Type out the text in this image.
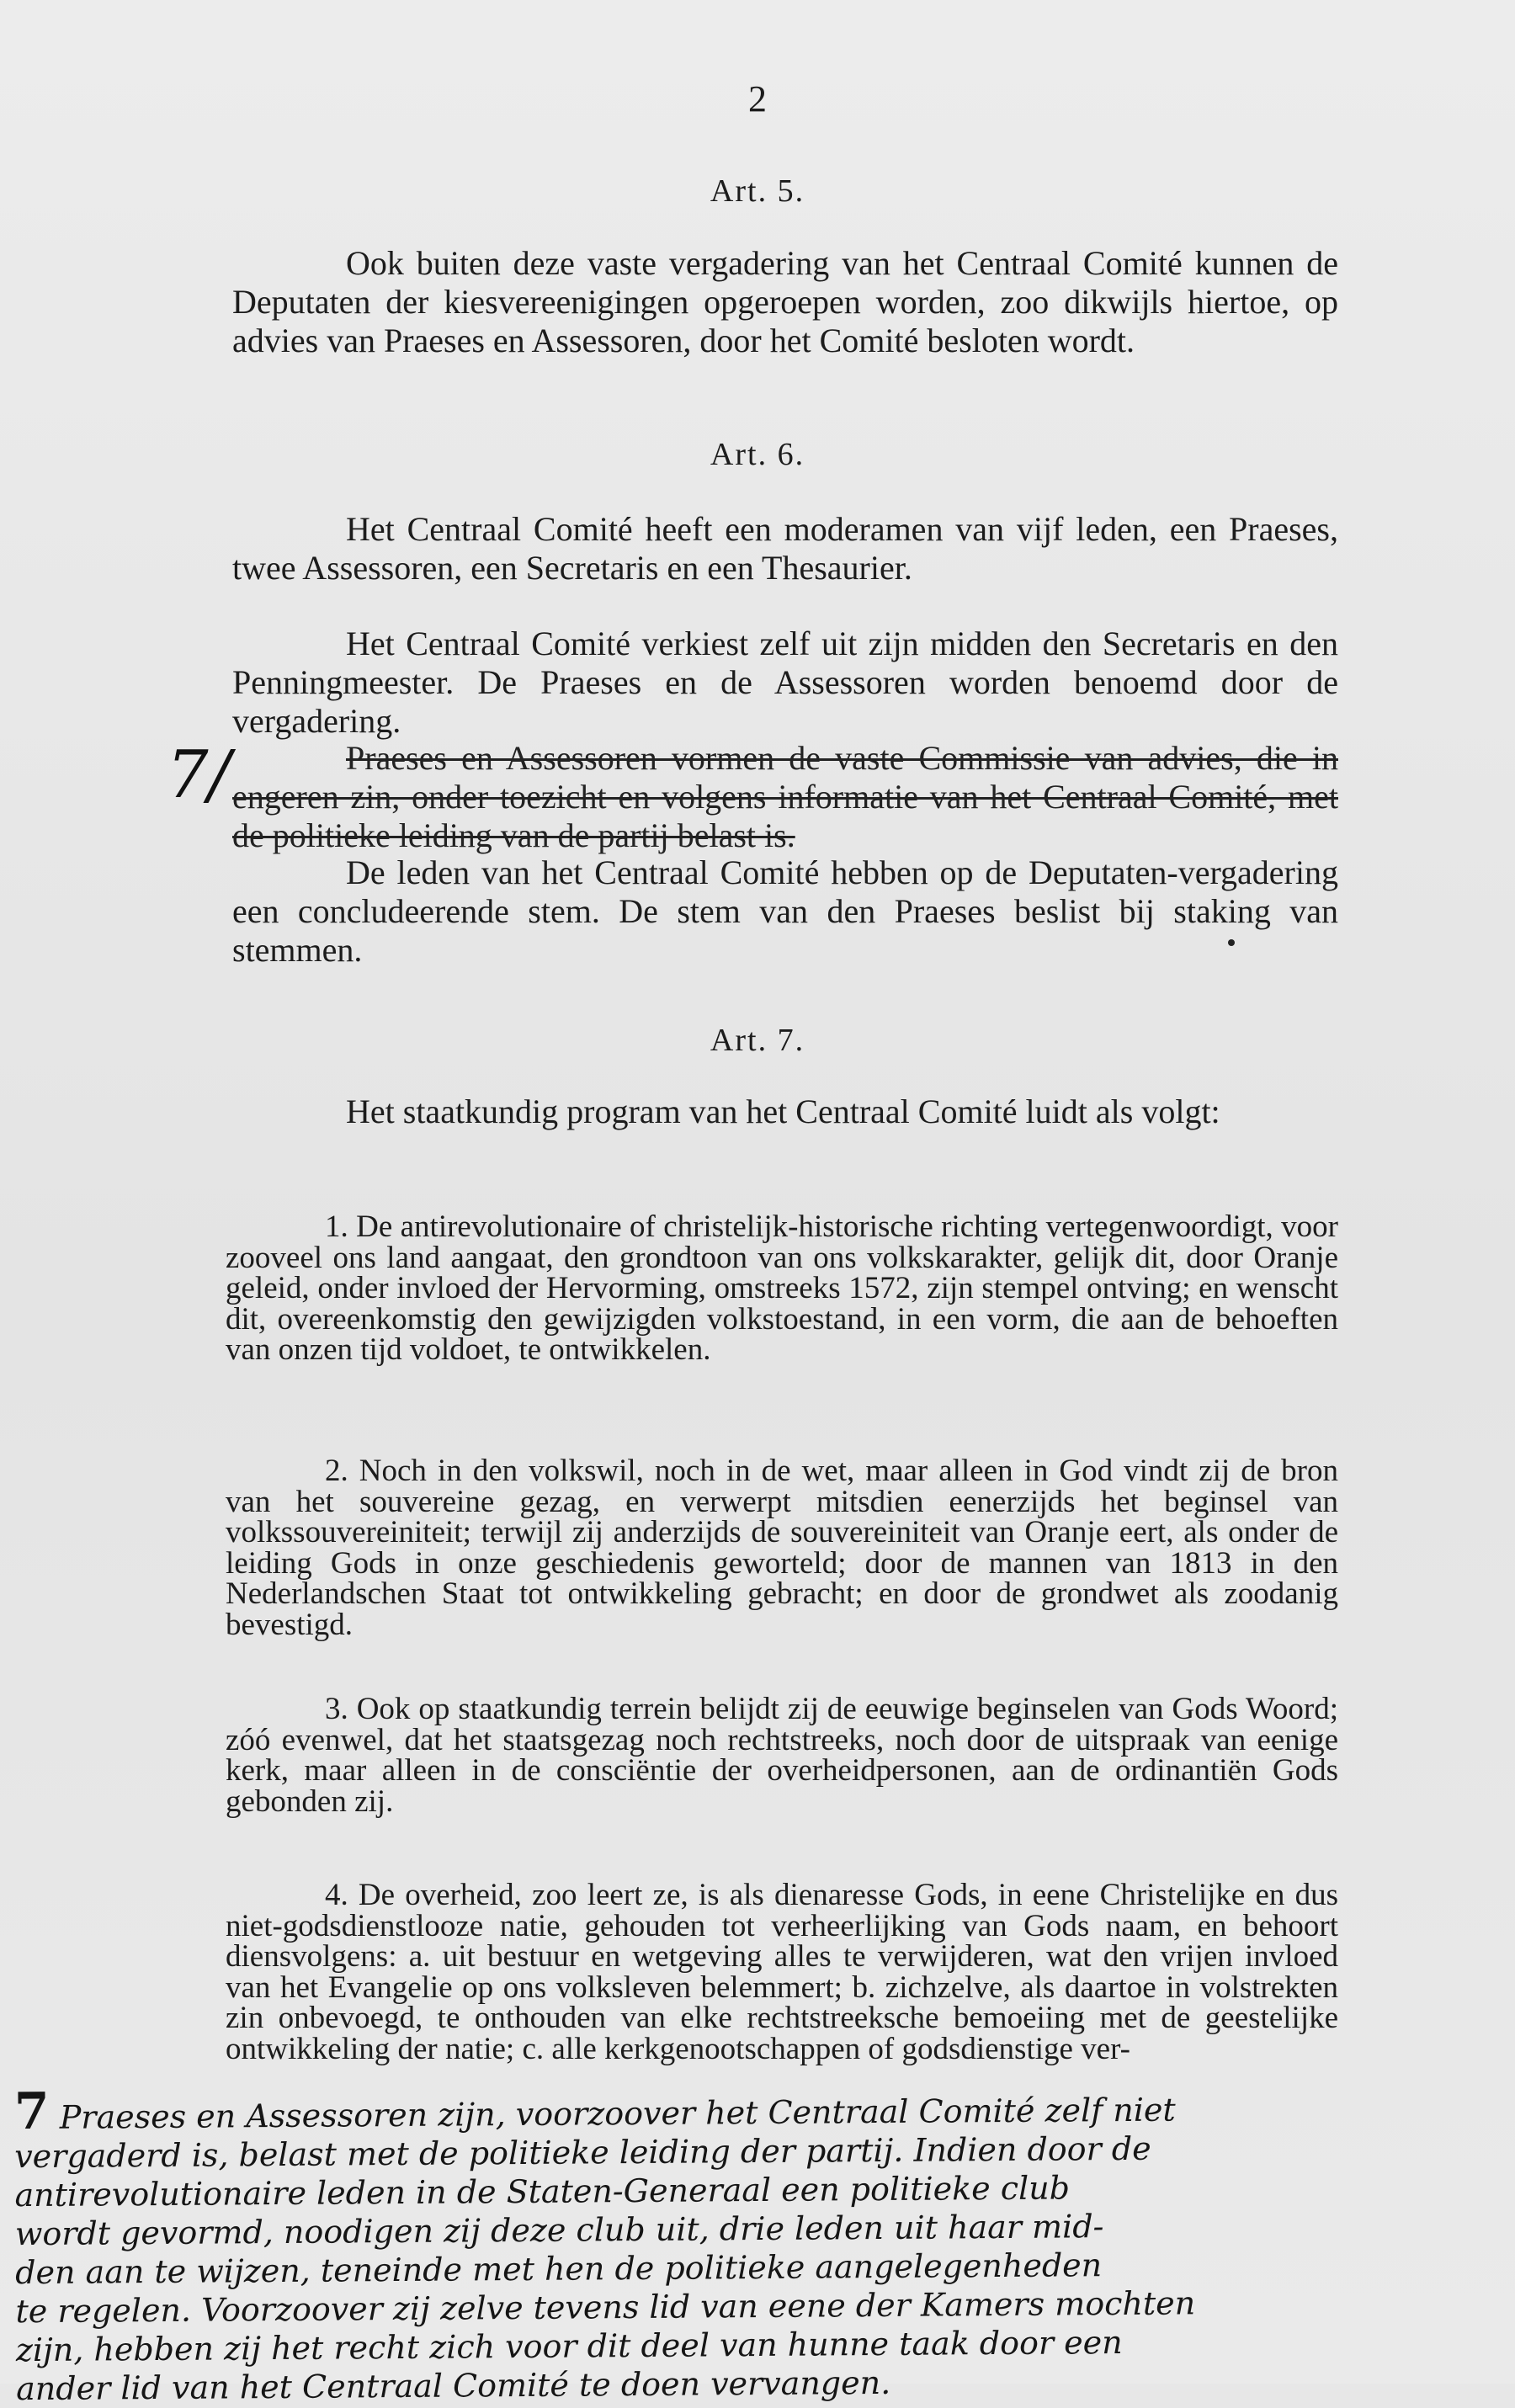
2
Art. 5.

Ook buiten deze vaste vergadering van het Centraal Comité kunnen de Deputaten der kiesvereenigingen opgeroepen worden, zoo dikwijls hiertoe, op advies van Praeses en Assessoren, door het Comité besloten wordt.

Art. 6.

Het Centraal Comité heeft een moderamen van vijf leden, een Praeses, twee Assessoren, een Secretaris en een Thesaurier.

Het Centraal Comité verkiest zelf uit zijn midden den Secretaris en den Penningmeester. De Praeses en de Assessoren worden benoemd door de vergadering.

7/	Praeses en Assessoren vormen de vaste Commissie van advies, die in engeren zin, onder toezicht en volgens informatie van het Centraal Comité, met de politieke leiding van de partij belast is.

De leden van het Centraal Comité hebben op de Deputaten-vergadering een concludeerende stem. De stem van den Praeses beslist bij staking van stemmen.

Art. 7.

Het staatkundig program van het Centraal Comité luidt als volgt:

1. De antirevolutionaire of christelijk-historische richting vertegenwoordigt, voor zooveel ons land aangaat, den grondtoon van ons volkskarakter, gelijk dit, door Oranje geleid, onder invloed der Hervorming, omstreeks 1572, zijn stempel ontving; en wenscht dit, overeenkomstig den gewijzigden volkstoestand, in een vorm, die aan de behoeften van onzen tijd voldoet, te ontwikkelen.

2. Noch in den volkswil, noch in de wet, maar alleen in God vindt zij de bron van het souvereine gezag, en verwerpt mitsdien eenerzijds het beginsel van volkssouvereiniteit; terwijl zij anderzijds de souvereiniteit van Oranje eert, als onder de leiding Gods in onze geschiedenis geworteld; door de mannen van 1813 in den Nederlandschen Staat tot ontwikkeling gebracht; en door de grondwet als zoodanig bevestigd.

3. Ook op staatkundig terrein belijdt zij de eeuwige beginselen van Gods Woord; zóó evenwel, dat het staatsgezag noch rechtstreeks, noch door de uitspraak van eenige kerk, maar alleen in de consciëntie der overheidpersonen, aan de ordinantiën Gods gebonden zij.

4. De overheid, zoo leert ze, is als dienaresse Gods, in eene Christelijke en dus niet-godsdienstlooze natie, gehouden tot verheerlijking van Gods naam, en behoort diensvolgens: a. uit bestuur en wetgeving alles te verwijderen, wat den vrijen invloed van het Evangelie op ons volksleven belemmert; b. zichzelve, als daartoe in volstrekten zin onbevoegd, te onthouden van elke rechtstreeksche bemoeiing met de geestelijke ontwikkeling der natie; c. alle kerkgenootschappen of godsdienstige ver-

7 Praeses en Assessoren zijn, voorzoover het Centraal Comité zelf niet
vergaderd is, belast met de politieke leiding der partij. Indien door de
antirevolutionaire leden in de Staten-Generaal een politieke club
wordt gevormd, noodigen zij deze club uit, drie leden uit haar mid-
den aan te wijzen, teneinde met hen de politieke aangelegenheden
te regelen. Voorzoover zij zelve tevens lid van eene der Kamers mochten
zijn, hebben zij het recht zich voor dit deel van hunne taak door een
ander lid van het Centraal Comité te doen vervangen.
